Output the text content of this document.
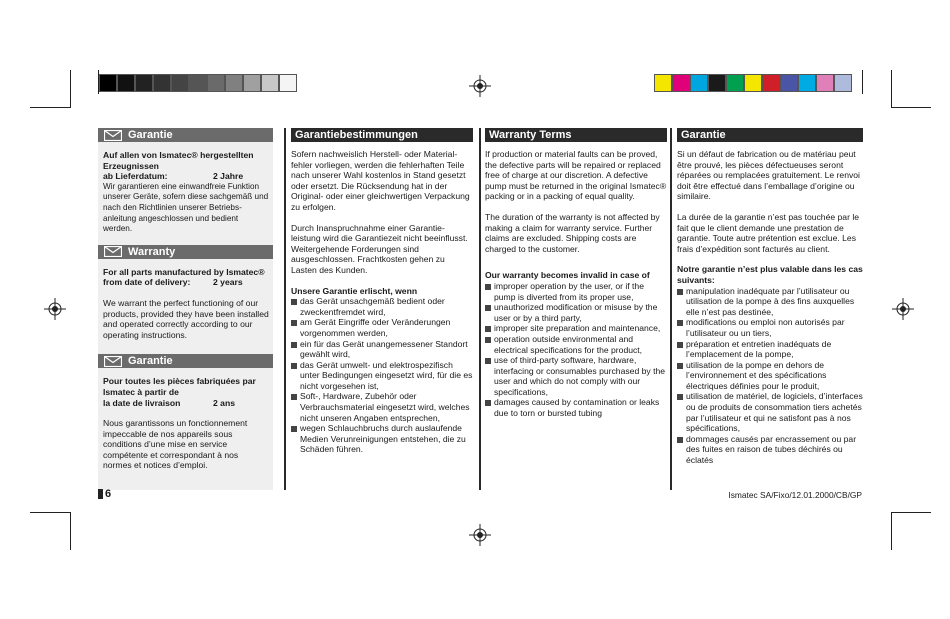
Garantie

Auf allen von Ismatec® hergestellten Erzeugnissen

ab Lieferdatum:	2 Jahre

Wir garantieren eine einwandfreie Funktion unserer Geräte, sofern diese sachgemäß und nach den Richtlinien unserer Betriebs-anleitung angeschlossen und bedient werden.

Warranty

For all parts manufactured by Ismatec®

from date of delivery:	2 years

We warrant the perfect functioning of our products, provided they have been installed and operated correctly according to our operating instructions.

Garantie

Pour toutes les pièces fabriquées par Ismatec à partir de

la date de livraison	2 ans

Nous garantissons un fonctionnement impeccable de nos appareils sous conditions d’une mise en service compétente et correspondant à nos normes et notices d’emploi.

6
Garantiebestimmungen

Sofern nachweislich Herstell- oder Material-fehler vorliegen, werden die fehlerhaften Teile nach unserer Wahl kostenlos in Stand gesetzt oder ersetzt. Die Rücksendung hat in der Original- oder einer gleichwertigen Verpackung zu erfolgen.

Durch Inanspruchnahme einer Garantie-leistung wird die Garantiezeit nicht beeinflusst. Weitergehende Forderungen sind ausgeschlossen. Frachtkosten gehen zu Lasten des Kunden.

Unsere Garantie erlischt, wenn

das Gerät unsachgemäß bedient oder zweckentfremdet wird,
am Gerät Eingriffe oder Veränderungen vorgenommen werden,
ein für das Gerät unangemessener Standort gewählt wird,
das Gerät umwelt- und elektrospezifisch unter Bedingungen eingesetzt wird, für die es nicht vorgesehen ist,
Soft-, Hardware, Zubehör oder Verbrauchsmaterial eingesetzt wird, welches nicht unseren Angaben entsprechen,
wegen Schlauchbruchs durch auslaufende Medien Verunreinigungen entstehen, die zu Schäden führen.
Warranty Terms

If production or material faults can be proved, the defective parts will be repaired or replaced free of charge at our discretion. A defective pump must be returned in the original Ismatec® packing or in a packing of equal quality.

The duration of the warranty is not affected by making a claim for warranty service. Further claims are excluded. Shipping costs are charged to the customer.

Our warranty becomes invalid in case of

improper operation by the user, or if the pump is diverted from its proper use,
unauthorized modification or misuse by the user or by a third party,
improper site preparation and maintenance,
operation outside environmental and electrical specifications for the product,
use of third-party software, hardware, interfacing or consumables purchased by the user and which do not comply with our specifications,
damages caused by contamination or leaks due to torn or bursted tubing
Garantie

Si un défaut de fabrication ou de matériau peut être prouvé, les pièces défectueuses seront réparées ou remplacées gratuitement. Le renvoi doit être effectué dans l’emballage d’origine ou similaire.

La durée de la garantie n’est pas touchée par le fait que le client demande une prestation de garantie. Toute autre prétention est exclue. Les frais d’expédition sont facturés au client.

Notre garantie n’est plus valable dans les cas suivants:

manipulation inadéquate par l’utilisateur ou utilisation de la pompe à des fins auxquelles elle n’est pas destinée,
modifications ou emploi non autorisés par l’utilisateur ou un tiers,
préparation et entretien inadéquats de l’emplacement de la pompe,
utilisation de la pompe en dehors de l’environnement et des spécifications électriques définies pour le produit,
utilisation de matériel, de logiciels, d’interfaces ou de produits de consommation tiers achetés par l’utilisateur et qui ne satisfont pas à nos spécifications,
dommages causés par encrassement ou par des fuites en raison de tubes déchirés ou éclatés
Ismatec SA/Fixo/12.01.2000/CB/GP
